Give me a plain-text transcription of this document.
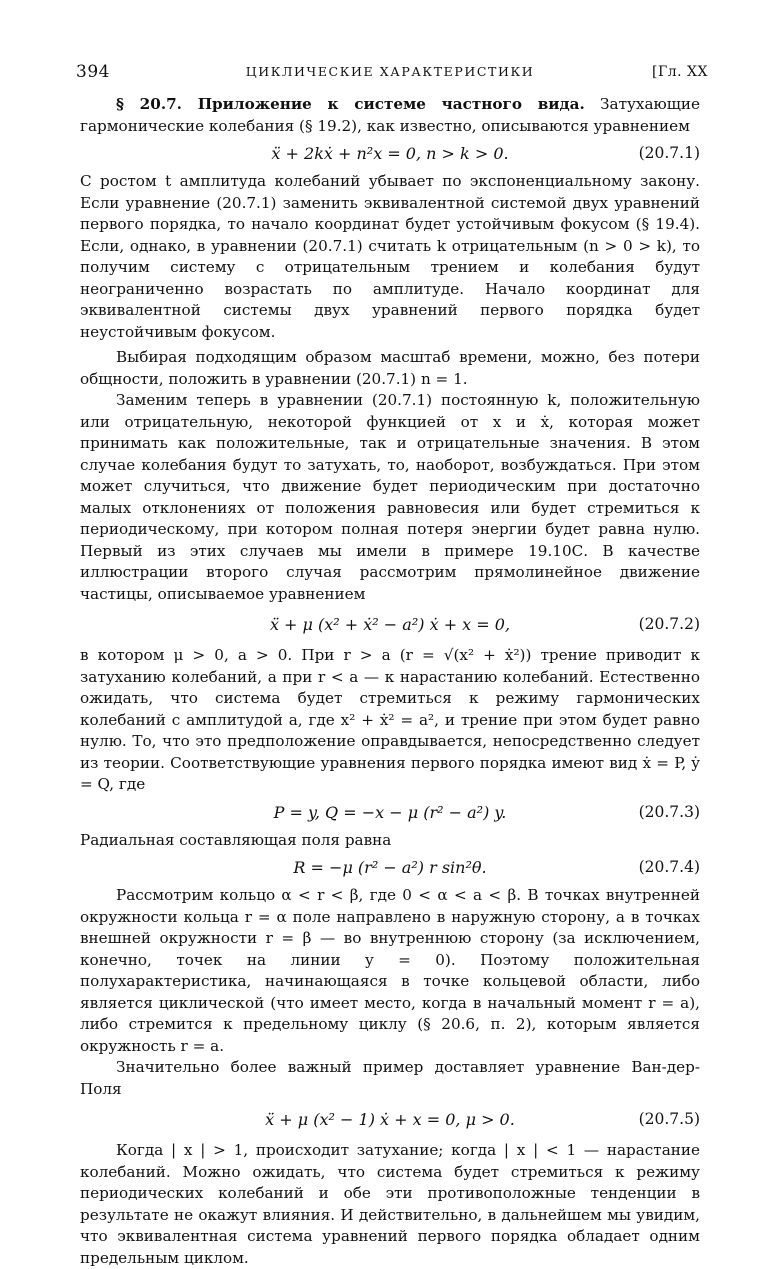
394	ЦИКЛИЧЕСКИЕ ХАРАКТЕРИСТИКИ	[Гл. XX

§ 20.7. Приложение к системе частного вида. Затухающие гармонические колебания (§ 19.2), как известно, описываются уравнением

ẍ + 2kẋ + n²x = 0, n > k > 0.	(20.7.1)

С ростом t амплитуда колебаний убывает по экспоненциальному закону. Если уравнение (20.7.1) заменить эквивалентной системой двух уравнений первого порядка, то начало координат будет устойчивым фокусом (§ 19.4). Если, однако, в уравнении (20.7.1) считать k отрицательным (n > 0 > k), то получим систему с отрицательным трением и колебания будут неограниченно возрастать по амплитуде. Начало координат для эквивалентной системы двух уравнений первого порядка будет неустойчивым фокусом.

Выбирая подходящим образом масштаб времени, можно, без потери общности, положить в уравнении (20.7.1) n = 1.

Заменим теперь в уравнении (20.7.1) постоянную k, положительную или отрицательную, некоторой функцией от x и ẋ, которая может принимать как положительные, так и отрицательные значения. В этом случае колебания будут то затухать, то, наоборот, возбуждаться. При этом может случиться, что движение будет периодическим при достаточно малых отклонениях от положения равновесия или будет стремиться к периодическому, при котором полная потеря энергии будет равна нулю. Первый из этих случаев мы имели в примере 19.10С. В качестве иллюстрации второго случая рассмотрим прямолинейное движение частицы, описываемое уравнением

ẍ + μ (x² + ẋ² − a²) ẋ + x = 0,	(20.7.2)

в котором μ > 0, a > 0. При r > a (r = √(x² + ẋ²)) трение приводит к затуханию колебаний, а при r < a — к нарастанию колебаний. Естественно ожидать, что система будет стремиться к режиму гармонических колебаний с амплитудой a, где x² + ẋ² = a², и трение при этом будет равно нулю. То, что это предположение оправдывается, непосредственно следует из теории. Соответствующие уравнения первого порядка имеют вид ẋ = P, ẏ = Q, где

P = y, Q = −x − μ (r² − a²) y.	(20.7.3)

Радиальная составляющая поля равна

R = −μ (r² − a²) r sin²θ.	(20.7.4)

Рассмотрим кольцо α < r < β, где 0 < α < a < β. В точках внутренней окружности кольца r = α поле направлено в наружную сторону, а в точках внешней окружности r = β — во внутреннюю сторону (за исключением, конечно, точек на линии y = 0). Поэтому положительная полухарактеристика, начинающаяся в точке кольцевой области, либо является циклической (что имеет место, когда в начальный момент r = a), либо стремится к предельному циклу (§ 20.6, п. 2), которым является окружность r = a.

Значительно более важный пример доставляет уравнение Ван-дер-Поля

ẍ + μ (x² − 1) ẋ + x = 0, μ > 0.	(20.7.5)

Когда | x | > 1, происходит затухание; когда | x | < 1 — нарастание колебаний. Можно ожидать, что система будет стремиться к режиму периодических колебаний и обе эти противоположные тенденции в результате не окажут влияния. И действительно, в дальнейшем мы увидим, что эквивалентная система уравнений первого порядка обладает одним предельным циклом.
